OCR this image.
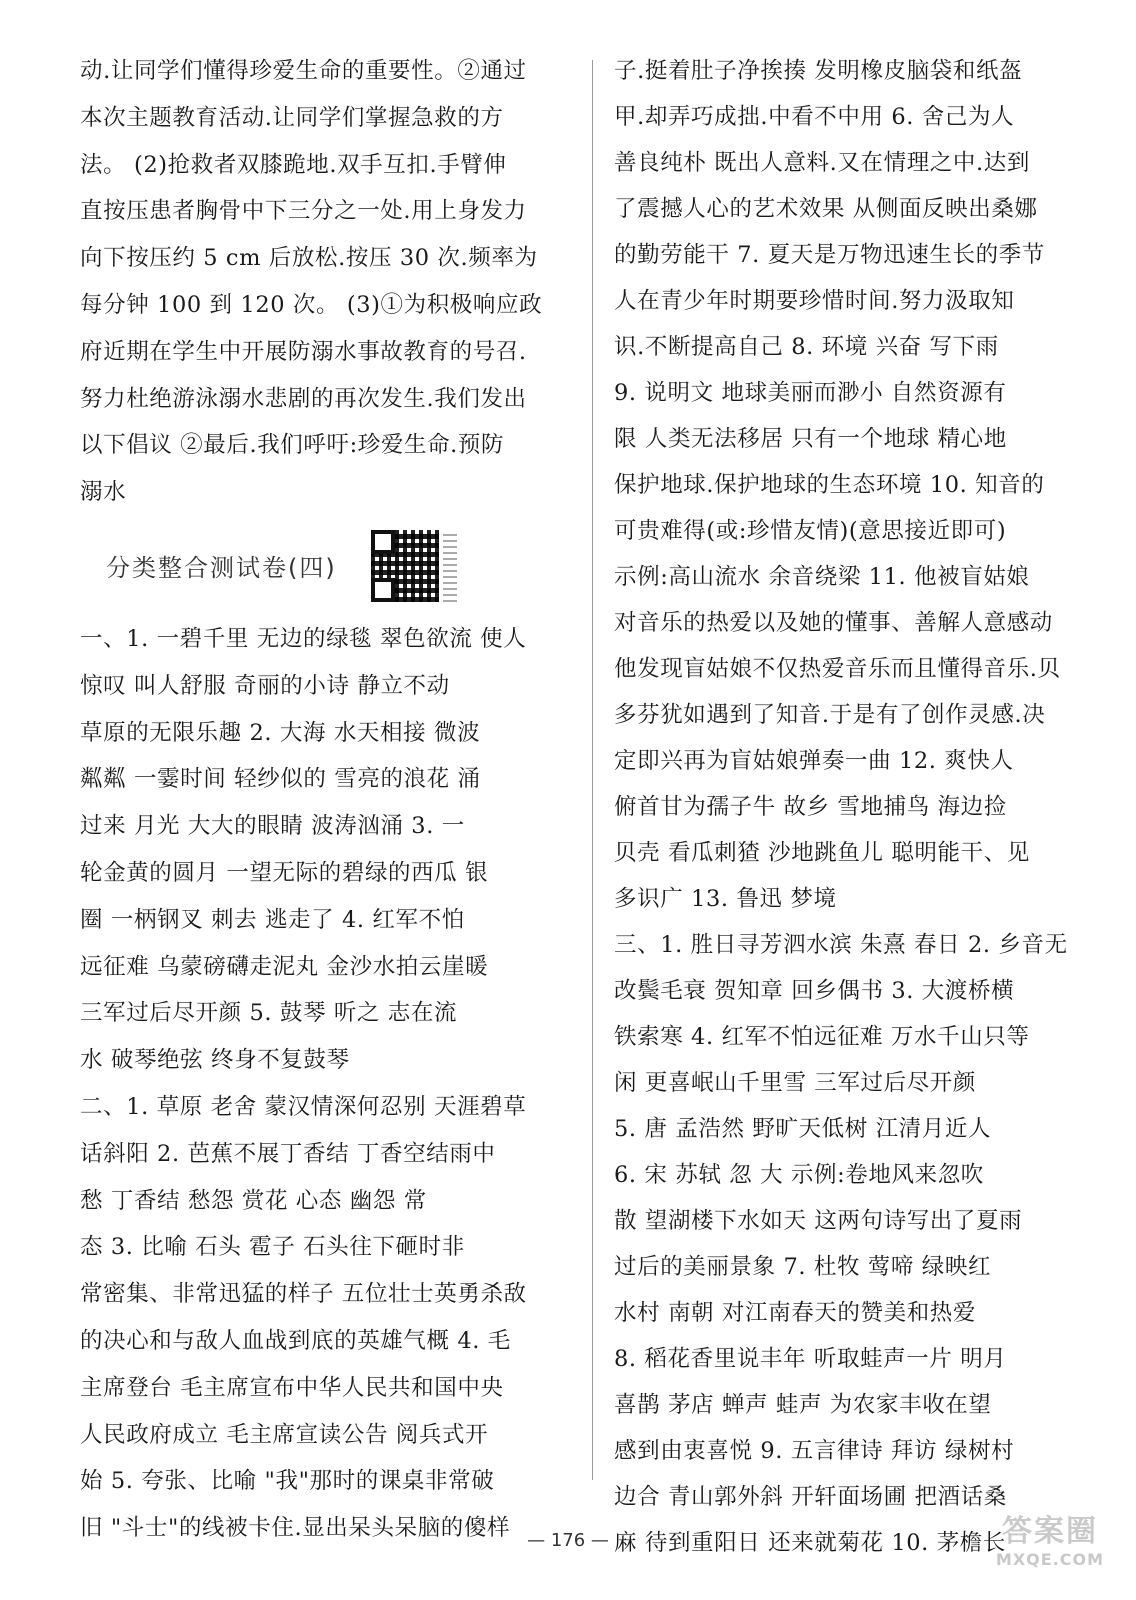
动.让同学们懂得珍爱生命的重要性。②通过
本次主题教育活动.让同学们掌握急救的方
法。 (2)抢救者双膝跪地.双手互扣.手臂伸
直按压患者胸骨中下三分之一处.用上身发力
向下按压约 5 cm 后放松.按压 30 次.频率为
每分钟 100 到 120 次。 (3)①为积极响应政
府近期在学生中开展防溺水事故教育的号召.
努力杜绝游泳溺水悲剧的再次发生.我们发出
以下倡议 ②最后.我们呼吁:珍爱生命.预防
溺水
分类整合测试卷(四)
一、1. 一碧千里 无边的绿毯 翠色欲流 使人
惊叹 叫人舒服 奇丽的小诗 静立不动
草原的无限乐趣 2. 大海 水天相接 微波
粼粼 一霎时间 轻纱似的 雪亮的浪花 涌
过来 月光 大大的眼睛 波涛汹涌 3. 一
轮金黄的圆月 一望无际的碧绿的西瓜 银
圈 一柄钢叉 刺去 逃走了 4. 红军不怕
远征难 乌蒙磅礴走泥丸 金沙水拍云崖暖
三军过后尽开颜 5. 鼓琴 听之 志在流
水 破琴绝弦 终身不复鼓琴
二、1. 草原 老舍 蒙汉情深何忍别 天涯碧草
话斜阳 2. 芭蕉不展丁香结 丁香空结雨中
愁 丁香结 愁怨 赏花 心态 幽怨 常
态 3. 比喻 石头 雹子 石头往下砸时非
常密集、非常迅猛的样子 五位壮士英勇杀敌
的决心和与敌人血战到底的英雄气概 4. 毛
主席登台 毛主席宣布中华人民共和国中央
人民政府成立 毛主席宣读公告 阅兵式开
始 5. 夸张、比喻 "我"那时的课桌非常破
旧 "斗士"的线被卡住.显出呆头呆脑的傻样
子.挺着肚子净挨揍 发明橡皮脑袋和纸盔
甲.却弄巧成拙.中看不中用 6. 舍己为人
善良纯朴 既出人意料.又在情理之中.达到
了震撼人心的艺术效果 从侧面反映出桑娜
的勤劳能干 7. 夏天是万物迅速生长的季节
人在青少年时期要珍惜时间.努力汲取知
识.不断提高自己 8. 环境 兴奋 写下雨
9. 说明文 地球美丽而渺小 自然资源有
限 人类无法移居 只有一个地球 精心地
保护地球.保护地球的生态环境 10. 知音的
可贵难得(或:珍惜友情)(意思接近即可)
示例:高山流水 余音绕梁 11. 他被盲姑娘
对音乐的热爱以及她的懂事、善解人意感动
他发现盲姑娘不仅热爱音乐而且懂得音乐.贝
多芬犹如遇到了知音.于是有了创作灵感.决
定即兴再为盲姑娘弹奏一曲 12. 爽快人
俯首甘为孺子牛 故乡 雪地捕鸟 海边捡
贝壳 看瓜刺猹 沙地跳鱼儿 聪明能干、见
多识广 13. 鲁迅 梦境
三、1. 胜日寻芳泗水滨 朱熹 春日 2. 乡音无
改鬓毛衰 贺知章 回乡偶书 3. 大渡桥横
铁索寒 4. 红军不怕远征难 万水千山只等
闲 更喜岷山千里雪 三军过后尽开颜
5. 唐 孟浩然 野旷天低树 江清月近人
6. 宋 苏轼 忽 大 示例:卷地风来忽吹
散 望湖楼下水如天 这两句诗写出了夏雨
过后的美丽景象 7. 杜牧 莺啼 绿映红
水村 南朝 对江南春天的赞美和热爱
8. 稻花香里说丰年 听取蛙声一片 明月
喜鹊 茅店 蝉声 蛙声 为农家丰收在望
感到由衷喜悦 9. 五言律诗 拜访 绿树村
边合 青山郭外斜 开轩面场圃 把酒话桑
麻 待到重阳日 还来就菊花 10. 茅檐长
— 176 —	答案圈
MXQE.COM
